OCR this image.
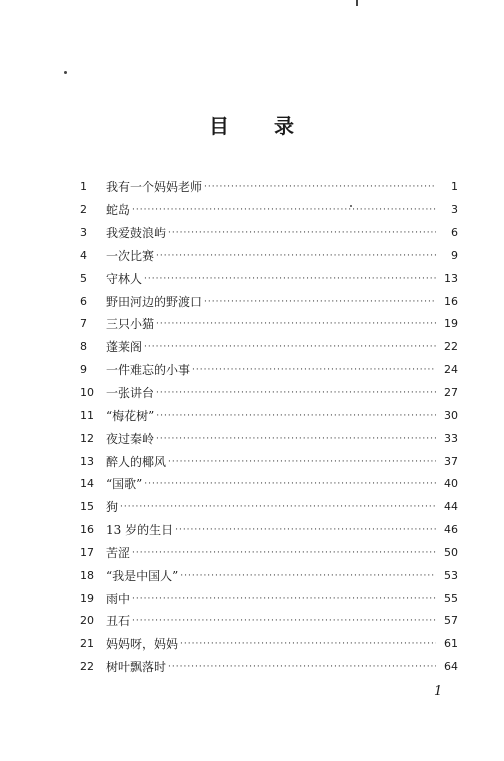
目 录
1	我有一个妈妈老师 ·····	1
2	蛇岛 ·····	3
3	我爱鼓浪屿 ·····	6
4	一次比赛 ·····	9
5	守林人 ·····	13
6	野田河边的野渡口 ·····	16
7	三只小猫 ·····	19
8	蓬莱阁 ·····	22
9	一件难忘的小事 ·····	24
10	一张讲台 ·····	27
11	“梅花树” ·····	30
12	夜过秦岭 ·····	33
13	醉人的椰风 ·····	37
14	“国歌” ·····	40
15	狗 ·····	44
16	13 岁的生日 ·····	46
17	苦涩 ·····	50
18	“我是中国人” ·····	53
19	雨中 ·····	55
20	丑石 ·····	57
21	妈妈呀，妈妈 ·····	61
22	树叶飘落时 ·····	64
1
